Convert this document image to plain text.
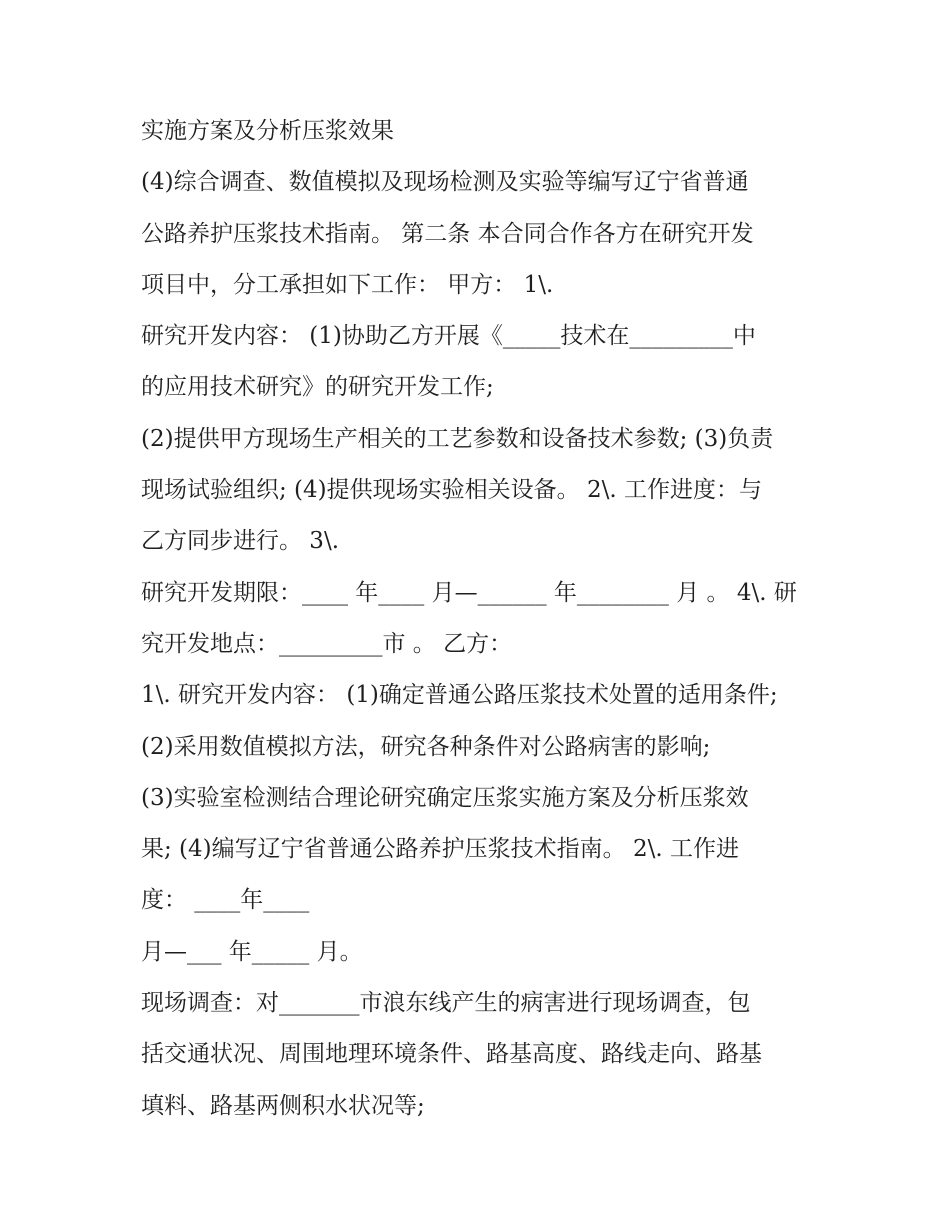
实施方案及分析压浆效果
(4)综合调查、数值模拟及现场检测及实验等编写辽宁省普通
公路养护压浆技术指南。 第二条 本合同合作各方在研究开发
项目中，分工承担如下工作： 甲方： 1\.
研究开发内容： (1)协助乙方开展《_____技术在_________中
的应用技术研究》的研究开发工作;
(2)提供甲方现场生产相关的工艺参数和设备技术参数; (3)负责
现场试验组织; (4)提供现场实验相关设备。 2\. 工作进度：与
乙方同步进行。 3\.
研究开发期限：____ 年____ 月—______ 年________ 月 。 4\. 研
究开发地点：_________市 。 乙方：
1\. 研究开发内容： (1)确定普通公路压浆技术处置的适用条件;
(2)采用数值模拟方法，研究各种条件对公路病害的影响;
(3)实验室检测结合理论研究确定压浆实施方案及分析压浆效
果; (4)编写辽宁省普通公路养护压浆技术指南。 2\. 工作进
度： ____年____
月—___ 年_____ 月。
现场调查：对_______市浪东线产生的病害进行现场调查，包
括交通状况、周围地理环境条件、路基高度、路线走向、路基
填料、路基两侧积水状况等;
